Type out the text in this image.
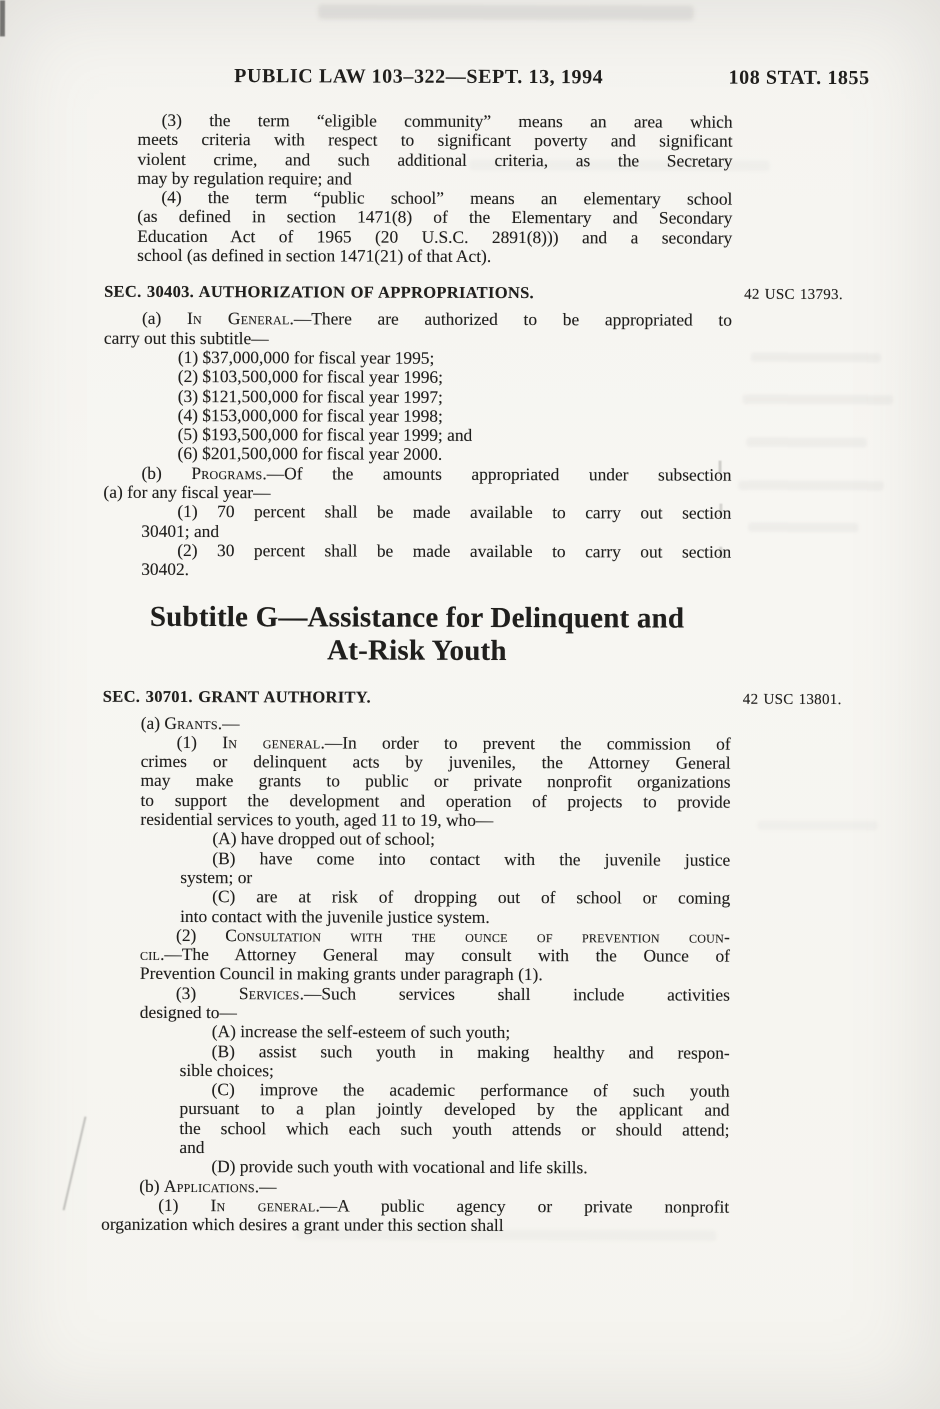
PUBLIC LAW 103–322—SEPT. 13, 1994	108 STAT. 1855
(3) the term “eligible community” means an area which
meets criteria with respect to significant poverty and significant
violent crime, and such additional criteria, as the Secretary
may by regulation require; and
(4) the term “public school” means an elementary school
(as defined in section 1471(8) of the Elementary and Secondary
Education Act of 1965 (20 U.S.C. 2891(8))) and a secondary
school (as defined in section 1471(21) of that Act).
SEC. 30403. AUTHORIZATION OF APPROPRIATIONS.	42 USC 13793.
(a) In General.—There are authorized to be appropriated to
carry out this subtitle—
(1) $37,000,000 for fiscal year 1995;
(2) $103,500,000 for fiscal year 1996;
(3) $121,500,000 for fiscal year 1997;
(4) $153,000,000 for fiscal year 1998;
(5) $193,500,000 for fiscal year 1999; and
(6) $201,500,000 for fiscal year 2000.
(b) Programs.—Of the amounts appropriated under subsection
(a) for any fiscal year—
(1) 70 percent shall be made available to carry out section
30401; and
(2) 30 percent shall be made available to carry out section
30402.
Subtitle G—Assistance for Delinquent and
At-Risk Youth
SEC. 30701. GRANT AUTHORITY.	42 USC 13801.
(a) Grants.—
(1) In general.—In order to prevent the commission of
crimes or delinquent acts by juveniles, the Attorney General
may make grants to public or private nonprofit organizations
to support the development and operation of projects to provide
residential services to youth, aged 11 to 19, who—
(A) have dropped out of school;
(B) have come into contact with the juvenile justice
system; or
(C) are at risk of dropping out of school or coming
into contact with the juvenile justice system.
(2) Consultation with the ounce of prevention coun-
cil.—The Attorney General may consult with the Ounce of
Prevention Council in making grants under paragraph (1).
(3) Services.—Such services shall include activities
designed to—
(A) increase the self-esteem of such youth;
(B) assist such youth in making healthy and respon-
sible choices;
(C) improve the academic performance of such youth
pursuant to a plan jointly developed by the applicant and
the school which each such youth attends or should attend;
and
(D) provide such youth with vocational and life skills.
(b) Applications.—
(1) In general.—A public agency or private nonprofit
organization which desires a grant under this section shall
